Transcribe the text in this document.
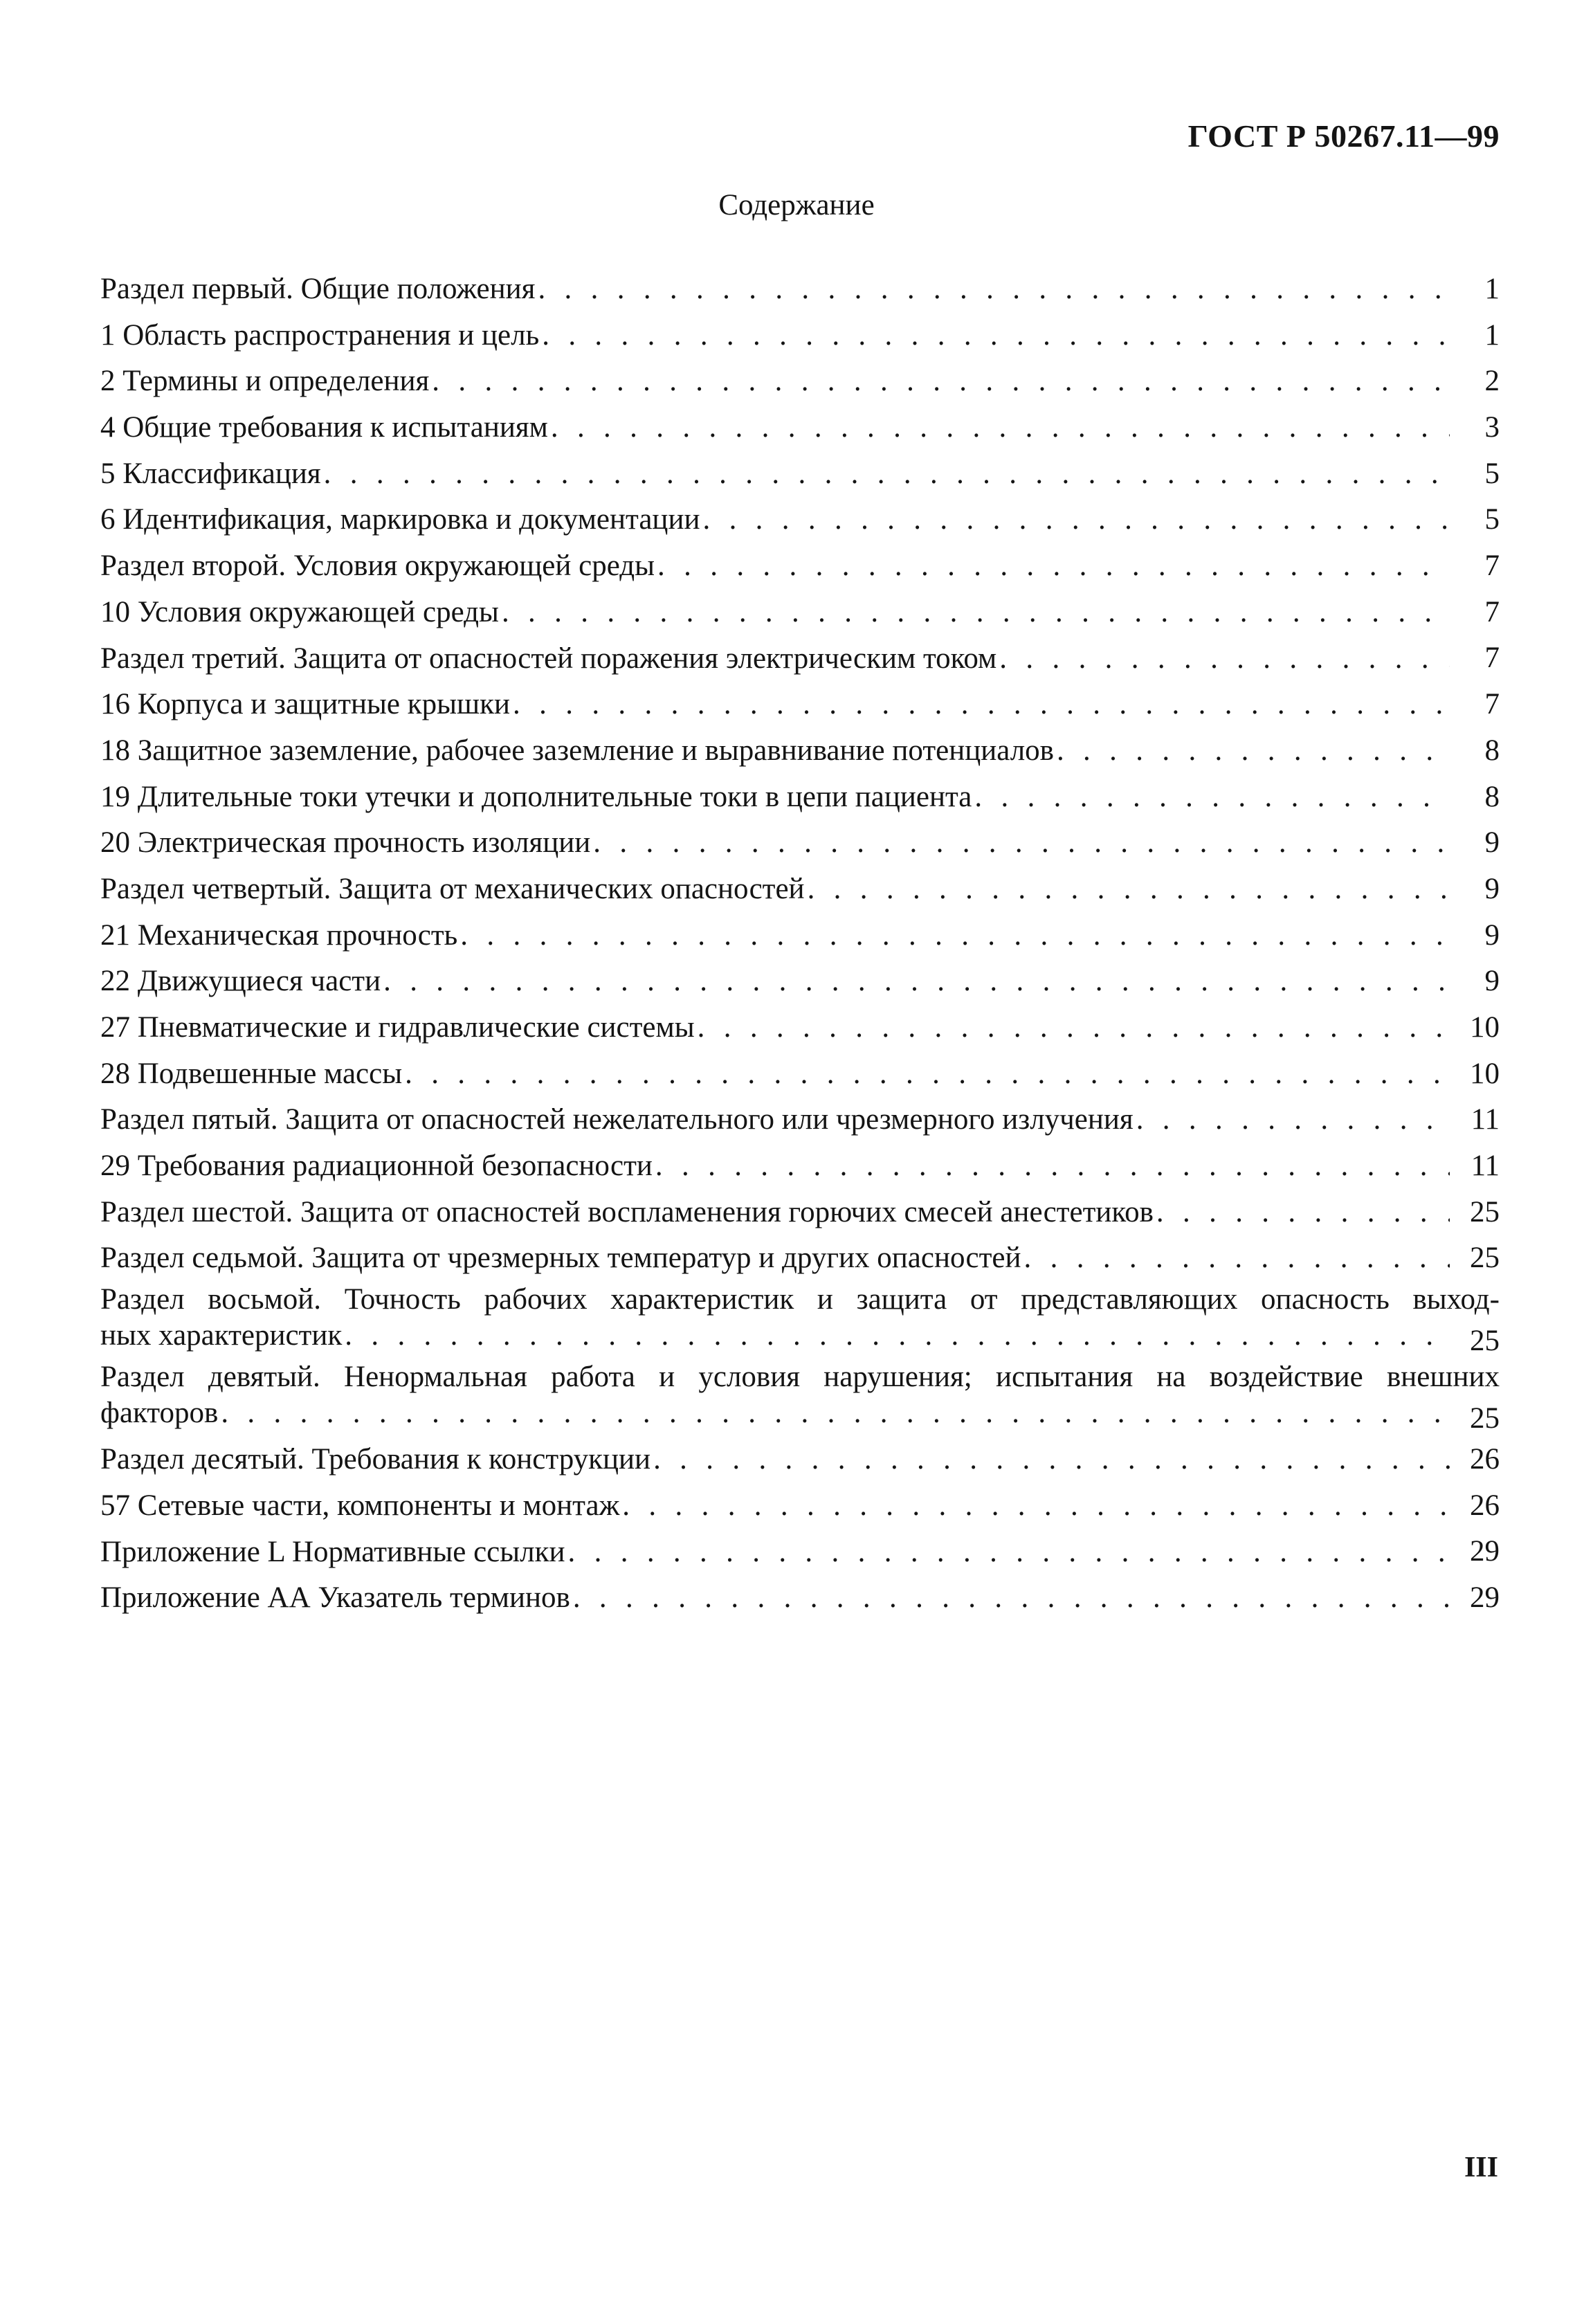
ГОСТ Р 50267.11—99
Содержание
Раздел первый. Общие положения . . .	1
1 Область распространения и цель . . .	1
2 Термины и определения . . .	2
4 Общие требования к испытаниям . . .	3
5 Классификация . . .	5
6 Идентификация, маркировка и документации . . .	5
Раздел второй. Условия окружающей среды . . .	7
10 Условия окружающей среды . . .	7
Раздел третий. Защита от опасностей поражения электрическим током . . .	7
16 Корпуса и защитные крышки . . .	7
18 Защитное заземление, рабочее заземление и выравнивание потенциалов . . .	8
19 Длительные токи утечки и дополнительные токи в цепи пациента . . .	8
20 Электрическая прочность изоляции . . .	9
Раздел четвертый. Защита от механических опасностей . . .	9
21 Механическая прочность . . .	9
22 Движущиеся части . . .	9
27 Пневматические и гидравлические системы . . .	10
28 Подвешенные массы . . .	10
Раздел пятый. Защита от опасностей нежелательного или чрезмерного излучения . . .	11
29 Требования радиационной безопасности . . .	11
Раздел шестой. Защита от опасностей воспламенения горючих смесей анестетиков . . .	25
Раздел седьмой. Защита от чрезмерных температур и других опасностей . . .	25
Раздел восьмой. Точность рабочих характеристик и защита от представляющих опасность выход-
ных характеристик . . .	25
Раздел девятый. Ненормальная работа и условия нарушения; испытания на воздействие внешних
факторов . . .	25
Раздел десятый. Требования к конструкции . . .	26
57 Сетевые части, компоненты и монтаж . . .	26
Приложение L Нормативные ссылки . . .	29
Приложение АА Указатель терминов . . .	29
III
